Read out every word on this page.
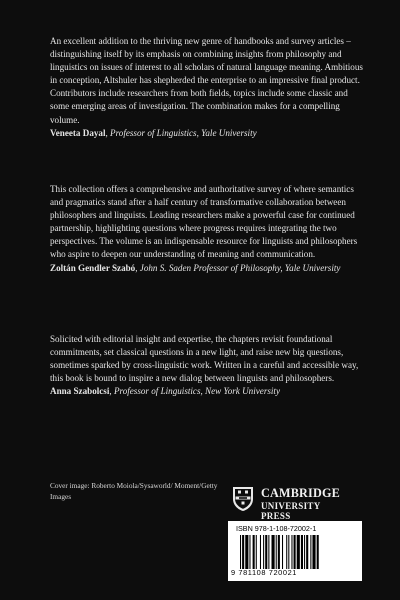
An excellent addition to the thriving new genre of handbooks and survey articles – distinguishing itself by its emphasis on combining insights from philosophy and linguistics on issues of interest to all scholars of natural language meaning. Ambitious in conception, Altshuler has shepherded the enterprise to an impressive final product. Contributors include researchers from both fields, topics include some classic and some emerging areas of investigation. The combination makes for a compelling volume.

Veneeta Dayal, Professor of Linguistics, Yale University

This collection offers a comprehensive and authoritative survey of where semantics and pragmatics stand after a half century of transformative collaboration between philosophers and linguists. Leading researchers make a powerful case for continued partnership, highlighting questions where progress requires integrating the two perspectives. The volume is an indispensable resource for linguists and philosophers who aspire to deepen our understanding of meaning and communication.

Zoltán Gendler Szabó, John S. Saden Professor of Philosophy, Yale University

Solicited with editorial insight and expertise, the chapters revisit foundational commitments, set classical questions in a new light, and raise new big questions, sometimes sparked by cross-linguistic work. Written in a careful and accessible way, this book is bound to inspire a new dialog between linguists and philosophers.

Anna Szabolcsi, Professor of Linguistics, New York University

Cover image: Roberto Moiola/Sysaworld/ Moment/Getty Images	CAMBRIDGE
UNIVERSITY PRESS
ISBN 978-1-108-72002-1
9 781108 720021
